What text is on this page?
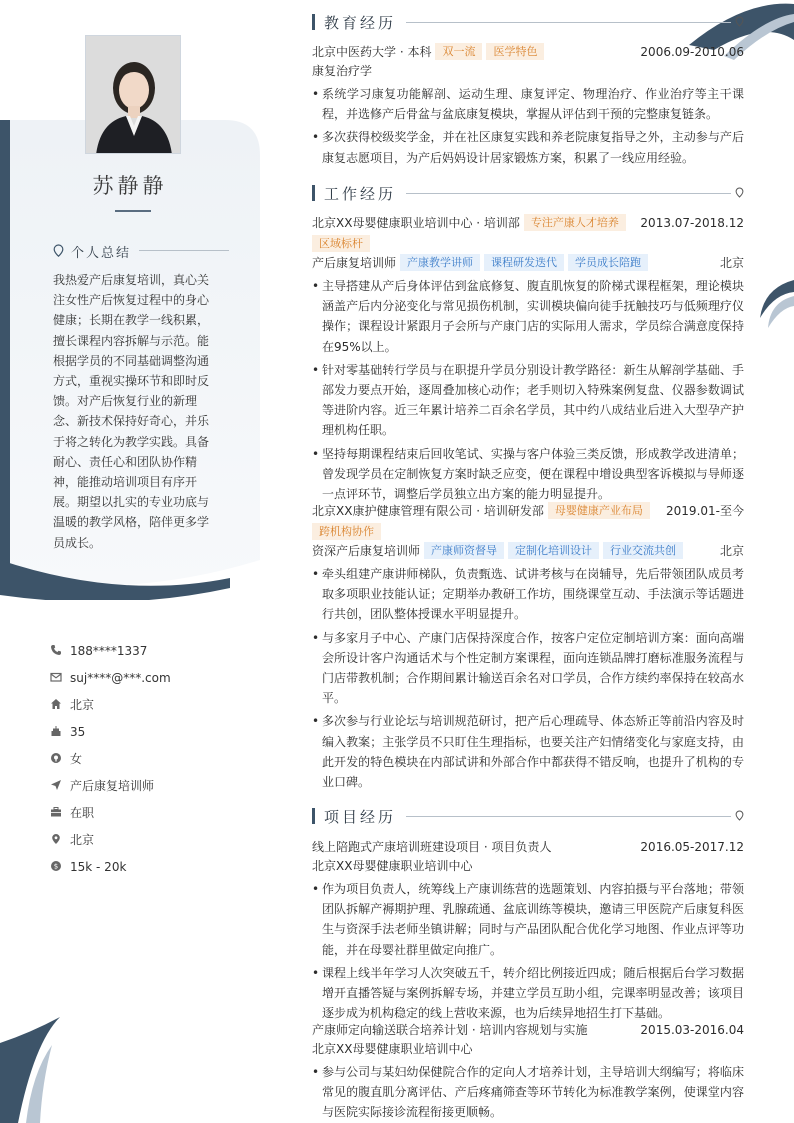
苏静静
个人总结
我热爱产后康复培训，真心关注女性产后恢复过程中的身心健康；长期在教学一线积累，擅长课程内容拆解与示范。能根据学员的不同基础调整沟通方式，重视实操环节和即时反馈。对产后恢复行业的新理念、新技术保持好奇心，并乐于将之转化为教学实践。具备耐心、责任心和团队协作精神，能推动培训项目有序开展。期望以扎实的专业功底与温暖的教学风格，陪伴更多学员成长。
188****1337
suj****@***.com
北京
35
女
产后康复培训师
在职
北京
$ 15k - 20k
教育经历
北京中医药大学 · 本科 双一流 医学特色	2006.09-2010.06
康复治疗学
• 系统学习康复功能解剖、运动生理、康复评定、物理治疗、作业治疗等主干课程，并选修产后骨盆与盆底康复模块，掌握从评估到干预的完整康复链条。
• 多次获得校级奖学金，并在社区康复实践和养老院康复指导之外，主动参与产后康复志愿项目，为产后妈妈设计居家锻炼方案，积累了一线应用经验。
工作经历
北京XX母婴健康职业培训中心 · 培训部 专注产康人才培养 2013.07-2018.12
区域标杆
产后康复培训师 产康教学讲师 课程研发迭代 学员成长陪跑	北京
• 主导搭建从产后身体评估到盆底修复、腹直肌恢复的阶梯式课程框架，理论模块涵盖产后内分泌变化与常见损伤机制，实训模块偏向徒手抚触技巧与低频理疗仪操作；课程设计紧跟月子会所与产康门店的实际用人需求，学员综合满意度保持在95%以上。
• 针对零基础转行学员与在职提升学员分别设计教学路径：新生从解剖学基础、手部发力要点开始，逐周叠加核心动作；老手则切入特殊案例复盘、仪器参数调试等进阶内容。近三年累计培养二百余名学员，其中约八成结业后进入大型孕产护理机构任职。
• 坚持每期课程结束后回收笔试、实操与客户体验三类反馈，形成教学改进清单；曾发现学员在定制恢复方案时缺乏应变，便在课程中增设典型客诉模拟与导师逐一点评环节，调整后学员独立出方案的能力明显提升。
北京XX康护健康管理有限公司 · 培训研发部 母婴健康产业布局 2019.01-至今
跨机构协作
资深产后康复培训师 产康师资督导 定制化培训设计 行业交流共创	北京
• 牵头组建产康讲师梯队，负责甄选、试讲考核与在岗辅导，先后带领团队成员考取多项职业技能认证；定期举办教研工作坊，围绕课堂互动、手法演示等话题进行共创，团队整体授课水平明显提升。
• 与多家月子中心、产康门店保持深度合作，按客户定位定制培训方案：面向高端会所设计客户沟通话术与个性定制方案课程，面向连锁品牌打磨标准服务流程与门店带教机制；合作期间累计输送百余名对口学员，合作方续约率保持在较高水平。
• 多次参与行业论坛与培训规范研讨，把产后心理疏导、体态矫正等前沿内容及时编入教案；主张学员不只盯住生理指标，也要关注产妇情绪变化与家庭支持，由此开发的特色模块在内部试讲和外部合作中都获得不错反响，也提升了机构的专业口碑。
项目经历
线上陪跑式产康培训班建设项目 · 项目负责人	2016.05-2017.12
北京XX母婴健康职业培训中心
• 作为项目负责人，统筹线上产康训练营的选题策划、内容拍摄与平台落地；带领团队拆解产褥期护理、乳腺疏通、盆底训练等模块，邀请三甲医院产后康复科医生与资深手法老师坐镇讲解；同时与产品团队配合优化学习地图、作业点评等功能，并在母婴社群里做定向推广。
• 课程上线半年学习人次突破五千，转介绍比例接近四成；随后根据后台学习数据增开直播答疑与案例拆解专场，并建立学员互助小组，完课率明显改善；该项目逐步成为机构稳定的线上营收来源，也为后续异地招生打下基础。
产康师定向输送联合培养计划 · 培训内容规划与实施	2015.03-2016.04
北京XX母婴健康职业培训中心
• 参与公司与某妇幼保健院合作的定向人才培养计划，主导培训大纲编写；将临床常见的腹直肌分离评估、产后疼痛筛查等环节转化为标准教学案例，使课堂内容与医院实际接诊流程衔接更顺畅。
